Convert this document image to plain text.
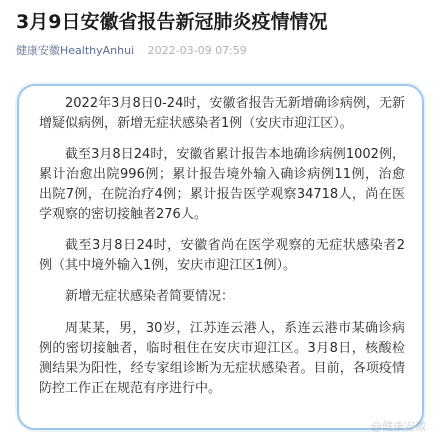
3月9日安徽省报告新冠肺炎疫情情况
健康安徽HealthyAnhui 2022-03-09 07:59

2022年3月8日0-24时，安徽省报告无新增确诊病例，无新增疑似病例，新增无症状感染者1例（安庆市迎江区）。

截至3月8日24时，安徽省累计报告本地确诊病例1002例，累计治愈出院996例；累计报告境外输入确诊病例11例，治愈出院7例，在院治疗4例；累计报告医学观察34718人，尚在医学观察的密切接触者276人。

截至3月8日24时，安徽省尚在医学观察的无症状感染者2例（其中境外输入1例，安庆市迎江区1例）。

新增无症状感染者简要情况：

周某某，男，30岁，江苏连云港人，系连云港市某确诊病例的密切接触者，临时租住在安庆市迎江区。3月8日，核酸检测结果为阳性，经专家组诊断为无症状感染者。目前，各项疫情防控工作正在规范有序进行中。

@健康安徽
